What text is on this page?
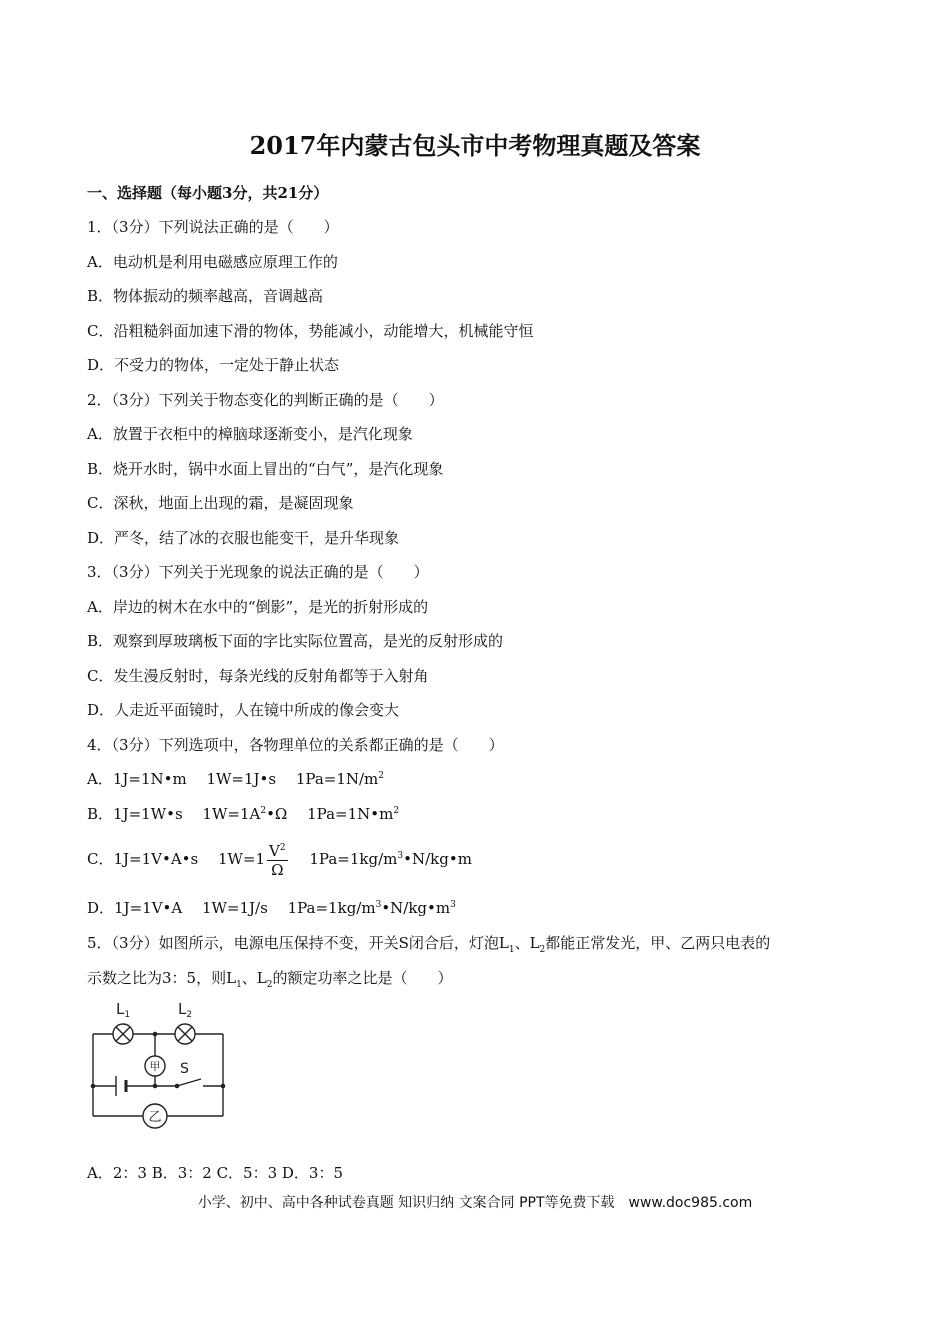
2017年内蒙古包头市中考物理真题及答案
一、选择题（每小题3分，共21分）
1．（3分）下列说法正确的是（　　）
A．电动机是利用电磁感应原理工作的
B．物体振动的频率越高，音调越高
C．沿粗糙斜面加速下滑的物体，势能减小，动能增大，机械能守恒
D．不受力的物体，一定处于静止状态
2．（3分）下列关于物态变化的判断正确的是（　　）
A．放置于衣柜中的樟脑球逐渐变小，是汽化现象
B．烧开水时，锅中水面上冒出的“白气”，是汽化现象
C．深秋，地面上出现的霜，是凝固现象
D．严冬，结了冰的衣服也能变干，是升华现象
3．（3分）下列关于光现象的说法正确的是（　　）
A．岸边的树木在水中的“倒影”，是光的折射形成的
B．观察到厚玻璃板下面的字比实际位置高，是光的反射形成的
C．发生漫反射时，每条光线的反射角都等于入射角
D．人走近平面镜时，人在镜中所成的像会变大
4．（3分）下列选项中，各物理单位的关系都正确的是（　　）
A．1J=1N•m　 1W=1J•s　 $1Pa=1N/m^2$
B．1J=1W•s　 $1W=1A^2•\Omega$　 $1Pa=1N•m^2$
C．1J=1V•A•s　 $1W=1 \frac{V^2}{\Omega}$ 　 $1Pa=1kg/m^3•N/kg•m$
D．1J=1V•A　 1W=1J/s　 $1Pa=1kg/m^3•N/kg•m^3$
5．（3分）如图所示，电源电压保持不变，开关S闭合后，灯泡$L_1$、$L_2$都能正常发光，甲、乙两只电表的
示数之比为3：5，则$L_1$、$L_2$的额定功率之比是（　　）
$L_1$	$L_2$
甲
乙
S
A．2：3 B．3：2 C．5：3 D．3：5
小学、初中、高中各种试卷真题 知识归纳 文案合同 PPT等免费下载　www.doc985.com
